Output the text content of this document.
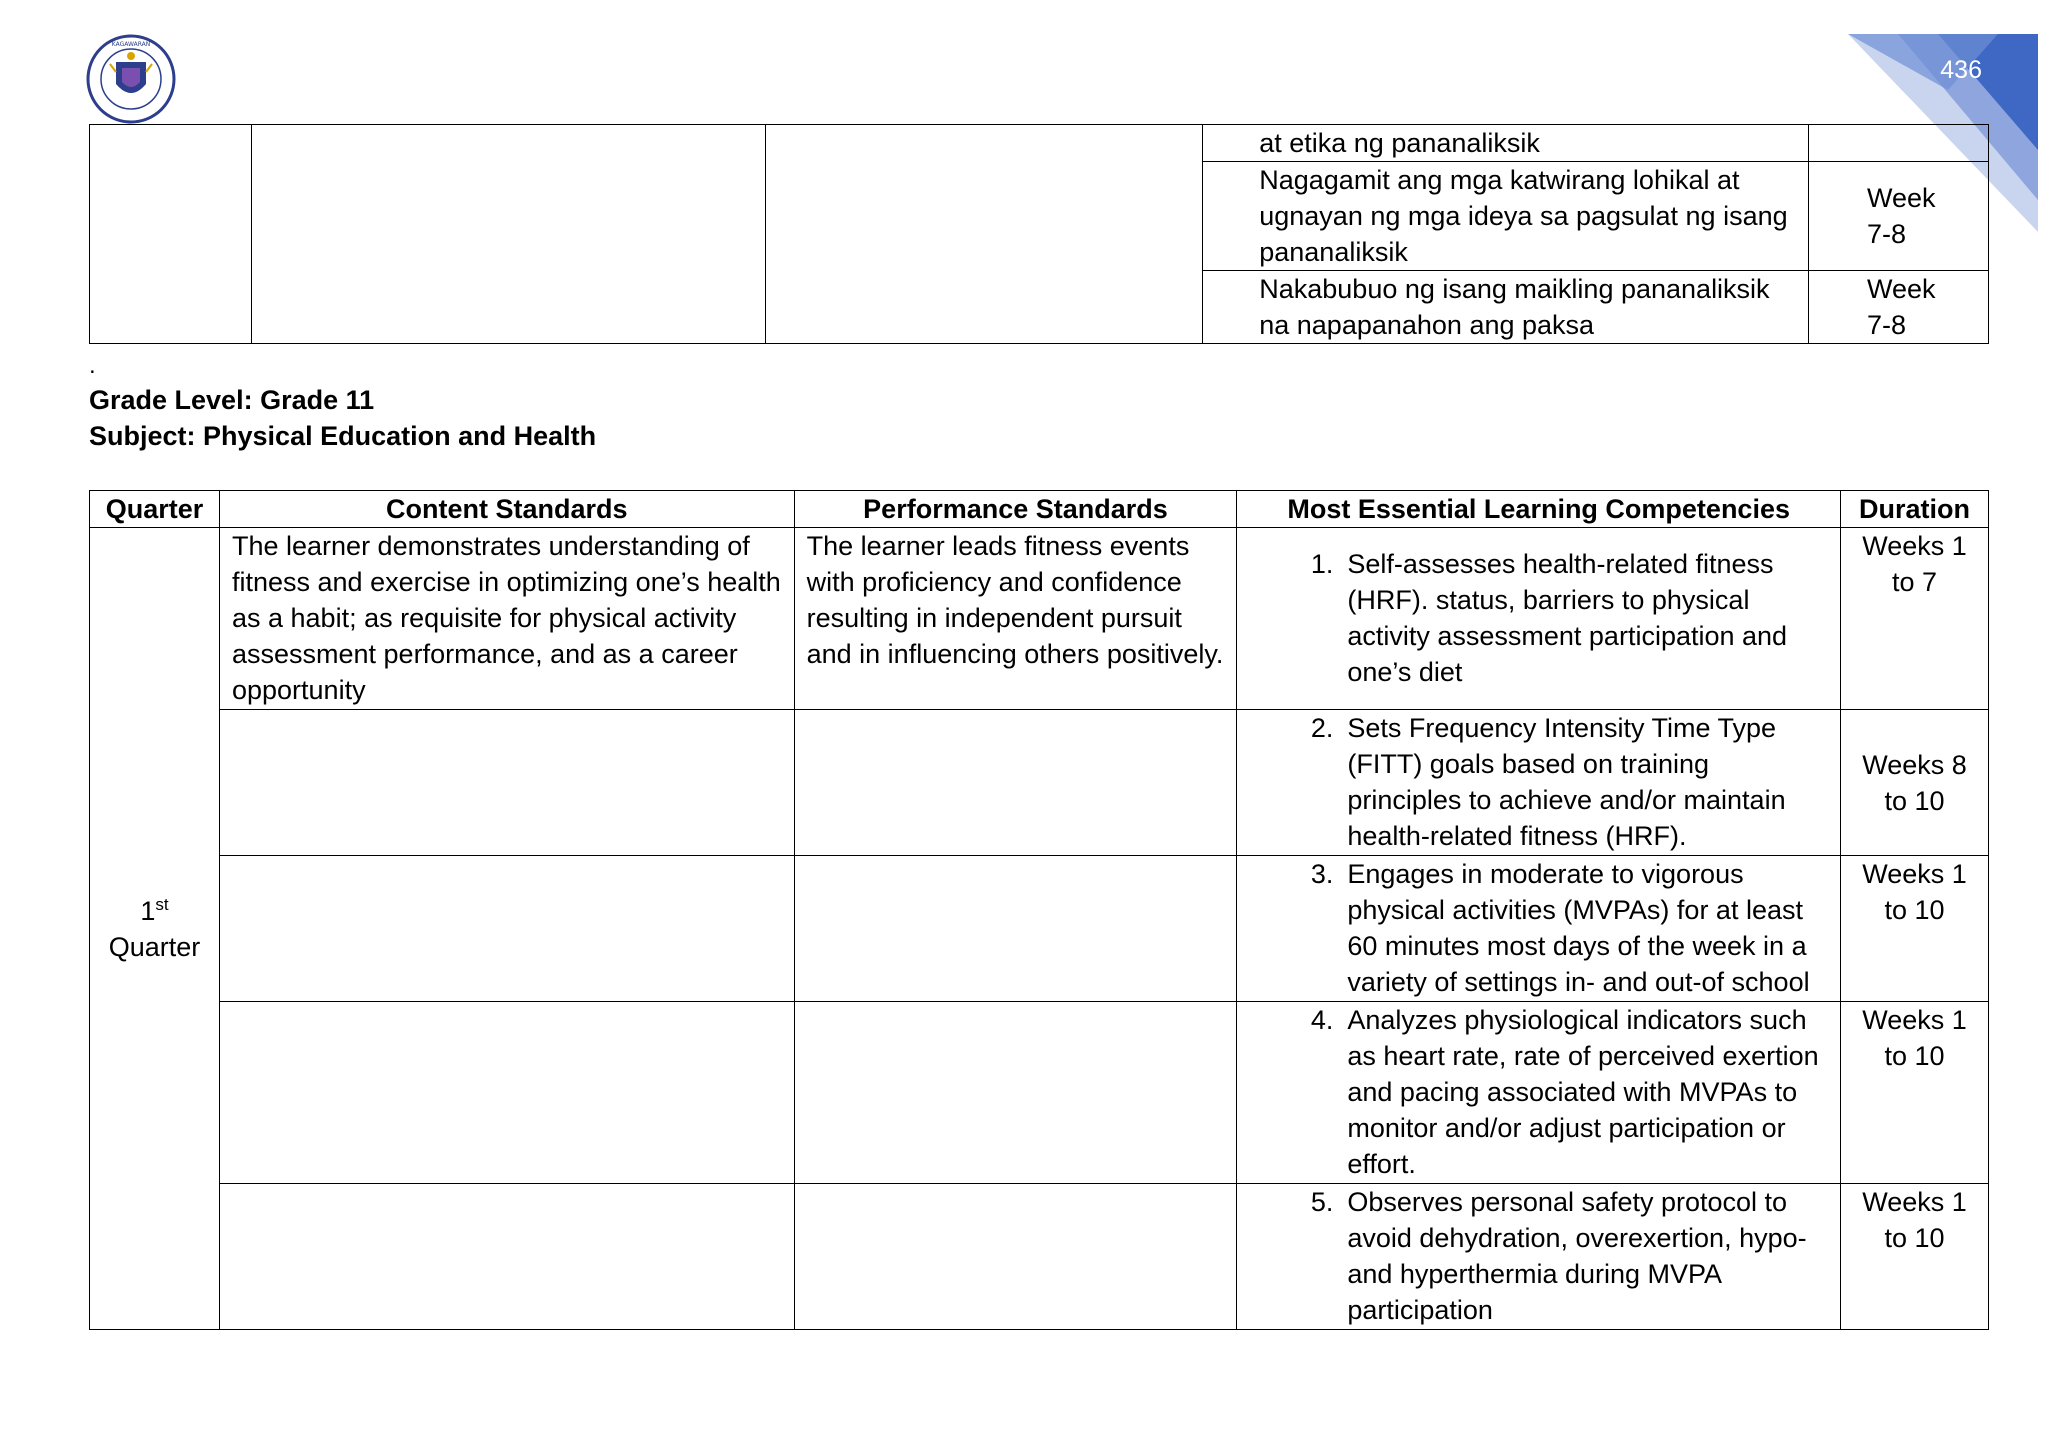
436
KAGAWARAN
			at etika ng pananaliksik	
			Nagagamit ang mga katwirang lohikal at ugnayan ng mga ideya sa pagsulat ng isang pananaliksik	Week 7-8
			Nakabubuo ng isang maikling pananaliksik na napapanahon ang paksa	Week 7-8
.
Grade Level: Grade 11
Subject: Physical Education and Health
Quarter	Content Standards	Performance Standards	Most Essential Learning Competencies	Duration
1st
Quarter	The learner demonstrates understanding of fitness and exercise in optimizing one’s health as a habit; as requisite for physical activity assessment performance, and as a career opportunity	The learner leads fitness events with proficiency and confidence resulting in independent pursuit and in influencing others positively.	1. Self-assesses health-related fitness (HRF). status, barriers to physical activity assessment participation and one’s diet	Weeks 1 to 7

			2. Sets Frequency Intensity Time Type (FITT) goals based on training principles to achieve and/or maintain health-related fitness (HRF).	Weeks 8 to 10

			3. Engages in moderate to vigorous physical activities (MVPAs) for at least 60 minutes most days of the week in a variety of settings in- and out-of school	Weeks 1 to 10

			4. Analyzes physiological indicators such as heart rate, rate of perceived exertion and pacing associated with MVPAs to monitor and/or adjust participation or effort.	Weeks 1 to 10

			5. Observes personal safety protocol to avoid dehydration, overexertion, hypo- and hyperthermia during MVPA participation	Weeks 1 to 10
